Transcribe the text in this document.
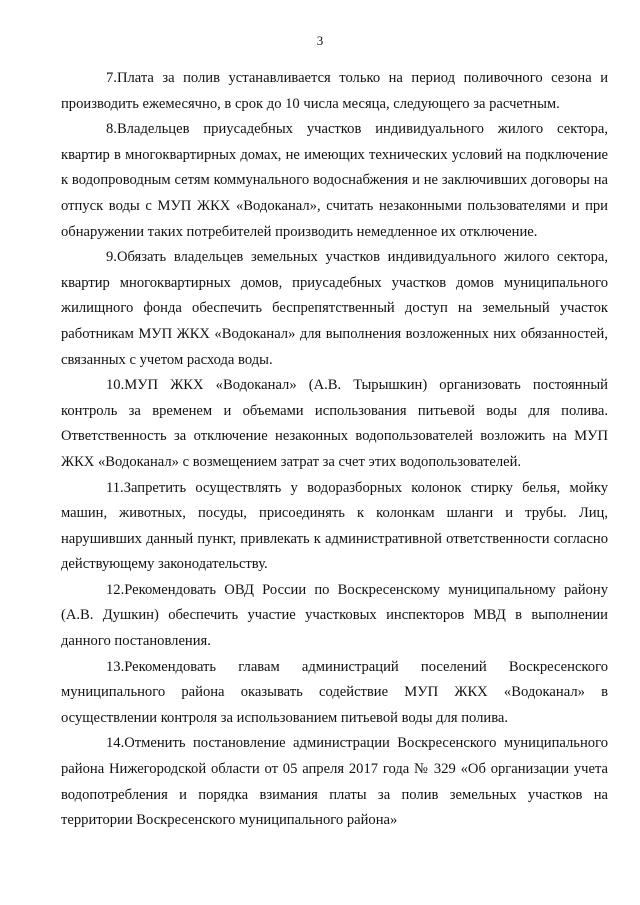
3

7.Плата за полив устанавливается только на период поливочного сезона и производить ежемесячно, в срок до 10 числа месяца, следующего за расчетным.

8.Владельцев приусадебных участков индивидуального жилого сектора, квартир в многоквартирных домах, не имеющих технических условий на подключение к водопроводным сетям коммунального водоснабжения и не заключивших договоры на отпуск воды с МУП ЖКХ «Водоканал», считать незаконными пользователями и при обнаружении таких потребителей производить немедленное их отключение.

9.Обязать владельцев земельных участков индивидуального жилого сектора, квартир многоквартирных домов, приусадебных участков домов муниципального жилищного фонда обеспечить беспрепятственный доступ на земельный участок работникам МУП ЖКХ «Водоканал» для выполнения возложенных них обязанностей, связанных с учетом расхода воды.

10.МУП ЖКХ «Водоканал» (А.В. Тырышкин) организовать постоянный контроль за временем и объемами использования питьевой воды для полива. Ответственность за отключение незаконных водопользователей возложить на МУП ЖКХ «Водоканал» с возмещением затрат за счет этих водопользователей.

11.Запретить осуществлять у водоразборных колонок стирку белья, мойку машин, животных, посуды, присоединять к колонкам шланги и трубы. Лиц, нарушивших данный пункт, привлекать к административной ответственности согласно действующему законодательству.

12.Рекомендовать ОВД России по Воскресенскому муниципальному району (А.В. Душкин) обеспечить участие участковых инспекторов МВД в выполнении данного постановления.

13.Рекомендовать главам администраций поселений Воскресенского муниципального района оказывать содействие МУП ЖКХ «Водоканал» в осуществлении контроля за использованием питьевой воды для полива.

14.Отменить постановление администрации Воскресенского муниципального района Нижегородской области от 05 апреля 2017 года № 329 «Об организации учета водопотребления и порядка взимания платы за полив земельных участков на территории Воскресенского муниципального района»
